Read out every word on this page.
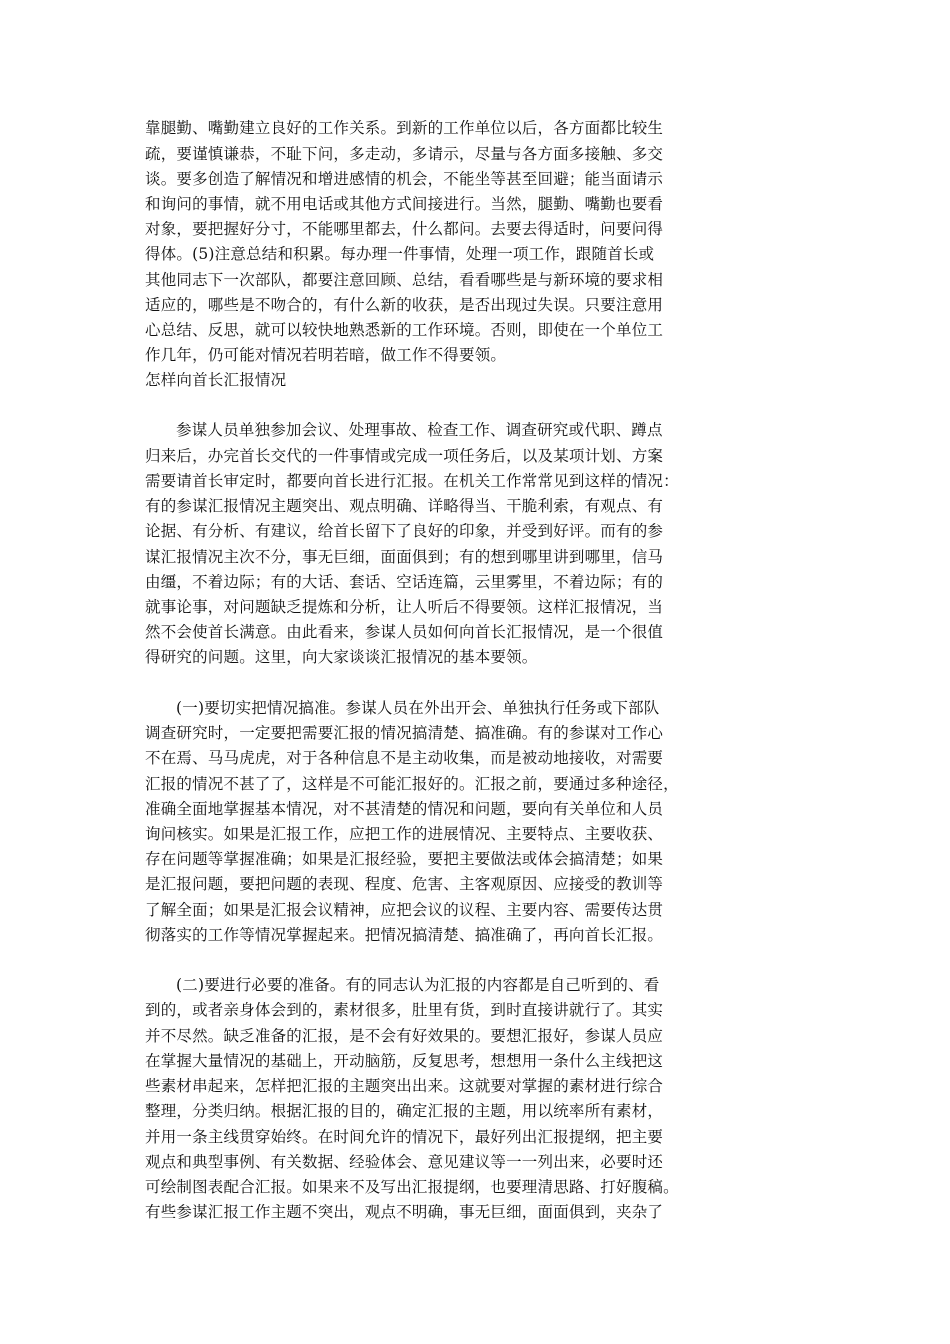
靠腿勤、嘴勤建立良好的工作关系。到新的工作单位以后，各方面都比较生

疏，要谨慎谦恭，不耻下问，多走动，多请示，尽量与各方面多接触、多交

谈。要多创造了解情况和增进感情的机会，不能坐等甚至回避；能当面请示

和询问的事情，就不用电话或其他方式间接进行。当然，腿勤、嘴勤也要看

对象，要把握好分寸，不能哪里都去，什么都问。去要去得适时，问要问得

得体。(5)注意总结和积累。每办理一件事情，处理一项工作，跟随首长或

其他同志下一次部队，都要注意回顾、总结，看看哪些是与新环境的要求相

适应的，哪些是不吻合的，有什么新的收获，是否出现过失误。只要注意用

心总结、反思，就可以较快地熟悉新的工作环境。否则，即使在一个单位工

作几年，仍可能对情况若明若暗，做工作不得要领。

怎样向首长汇报情况

参谋人员单独参加会议、处理事故、检查工作、调查研究或代职、蹲点

归来后，办完首长交代的一件事情或完成一项任务后，以及某项计划、方案

需要请首长审定时，都要向首长进行汇报。在机关工作常常见到这样的情况：

有的参谋汇报情况主题突出、观点明确、详略得当、干脆利索，有观点、有

论据、有分析、有建议，给首长留下了良好的印象，并受到好评。而有的参

谋汇报情况主次不分，事无巨细，面面俱到；有的想到哪里讲到哪里，信马

由缰，不着边际；有的大话、套话、空话连篇，云里雾里，不着边际；有的

就事论事，对问题缺乏提炼和分析，让人听后不得要领。这样汇报情况，当

然不会使首长满意。由此看来，参谋人员如何向首长汇报情况，是一个很值

得研究的问题。这里，向大家谈谈汇报情况的基本要领。

(一)要切实把情况搞准。参谋人员在外出开会、单独执行任务或下部队

调查研究时，一定要把需要汇报的情况搞清楚、搞准确。有的参谋对工作心

不在焉、马马虎虎，对于各种信息不是主动收集，而是被动地接收，对需要

汇报的情况不甚了了，这样是不可能汇报好的。汇报之前，要通过多种途径，

准确全面地掌握基本情况，对不甚清楚的情况和问题，要向有关单位和人员

询问核实。如果是汇报工作，应把工作的进展情况、主要特点、主要收获、

存在问题等掌握准确；如果是汇报经验，要把主要做法或体会搞清楚；如果

是汇报问题，要把问题的表现、程度、危害、主客观原因、应接受的教训等

了解全面；如果是汇报会议精神，应把会议的议程、主要内容、需要传达贯

彻落实的工作等情况掌握起来。把情况搞清楚、搞准确了，再向首长汇报。

(二)要进行必要的准备。有的同志认为汇报的内容都是自己听到的、看

到的，或者亲身体会到的，素材很多，肚里有货，到时直接讲就行了。其实

并不尽然。缺乏准备的汇报，是不会有好效果的。要想汇报好，参谋人员应

在掌握大量情况的基础上，开动脑筋，反复思考，想想用一条什么主线把这

些素材串起来，怎样把汇报的主题突出出来。这就要对掌握的素材进行综合

整理，分类归纳。根据汇报的目的，确定汇报的主题，用以统率所有素材，

并用一条主线贯穿始终。在时间允许的情况下，最好列出汇报提纲，把主要

观点和典型事例、有关数据、经验体会、意见建议等一一列出来，必要时还

可绘制图表配合汇报。如果来不及写出汇报提纲，也要理清思路、打好腹稿。

有些参谋汇报工作主题不突出，观点不明确，事无巨细，面面俱到，夹杂了
